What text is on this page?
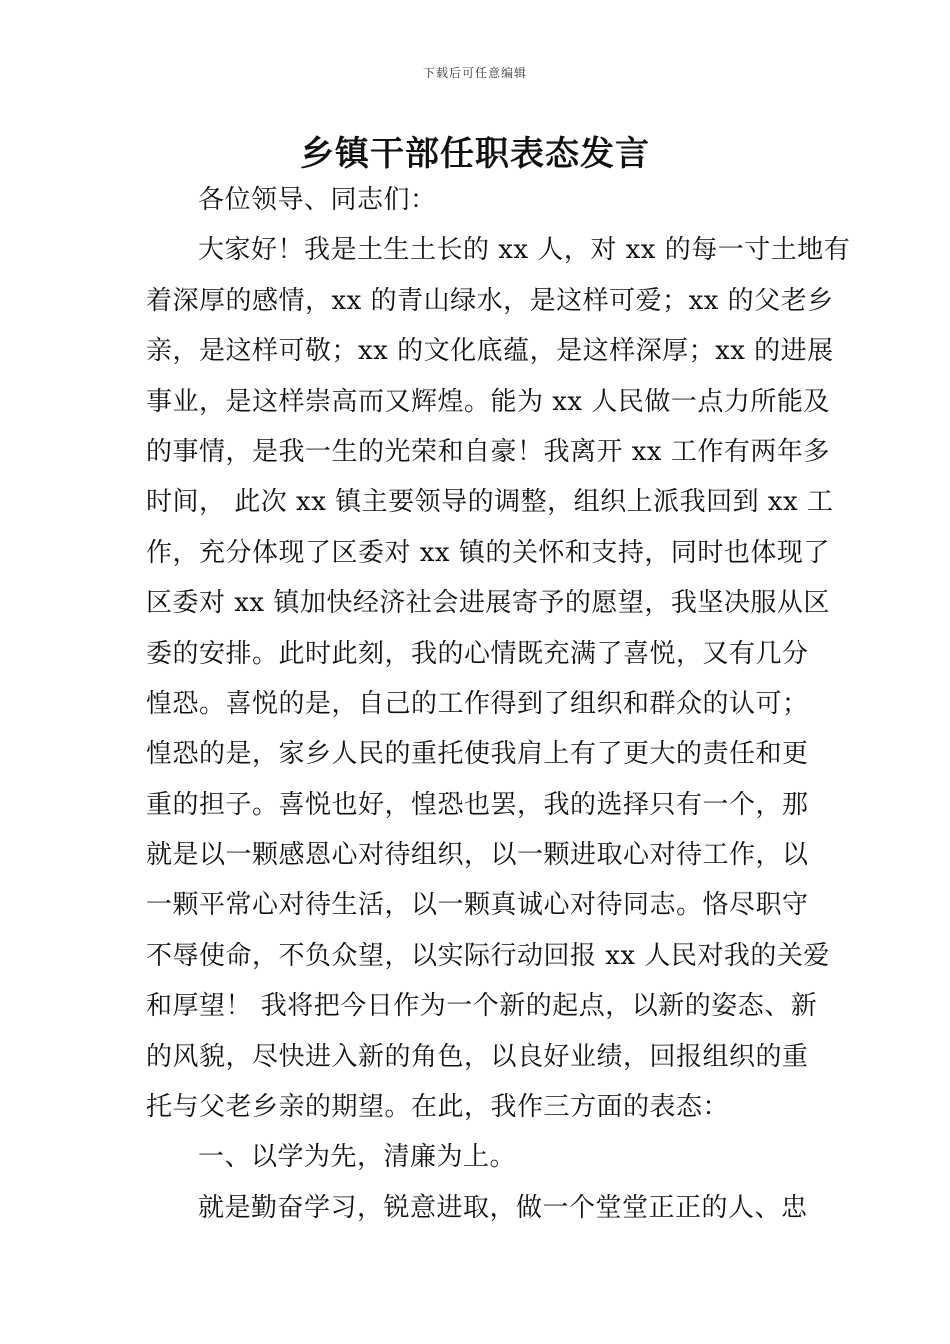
下载后可任意编辑
乡镇干部任职表态发言
各位领导、同志们：
大家好！我是土生土长的 xx 人，对 xx 的每一寸土地有
着深厚的感情，xx 的青山绿水，是这样可爱；xx 的父老乡
亲，是这样可敬；xx 的文化底蕴，是这样深厚；xx 的进展
事业，是这样崇高而又辉煌。能为 xx 人民做一点力所能及
的事情，是我一生的光荣和自豪！我离开 xx 工作有两年多
时间， 此次 xx 镇主要领导的调整，组织上派我回到 xx 工
作，充分体现了区委对 xx 镇的关怀和支持，同时也体现了
区委对 xx 镇加快经济社会进展寄予的愿望，我坚决服从区
委的安排。此时此刻，我的心情既充满了喜悦，又有几分
惶恐。喜悦的是，自己的工作得到了组织和群众的认可；
惶恐的是，家乡人民的重托使我肩上有了更大的责任和更
重的担子。喜悦也好，惶恐也罢，我的选择只有一个，那
就是以一颗感恩心对待组织，以一颗进取心对待工作，以
一颗平常心对待生活，以一颗真诚心对待同志。恪尽职守
不辱使命，不负众望，以实际行动回报 xx 人民对我的关爱
和厚望！ 我将把今日作为一个新的起点，以新的姿态、新
的风貌，尽快进入新的角色，以良好业绩，回报组织的重
托与父老乡亲的期望。在此，我作三方面的表态：
一、以学为先，清廉为上。
就是勤奋学习，锐意进取，做一个堂堂正正的人、忠
